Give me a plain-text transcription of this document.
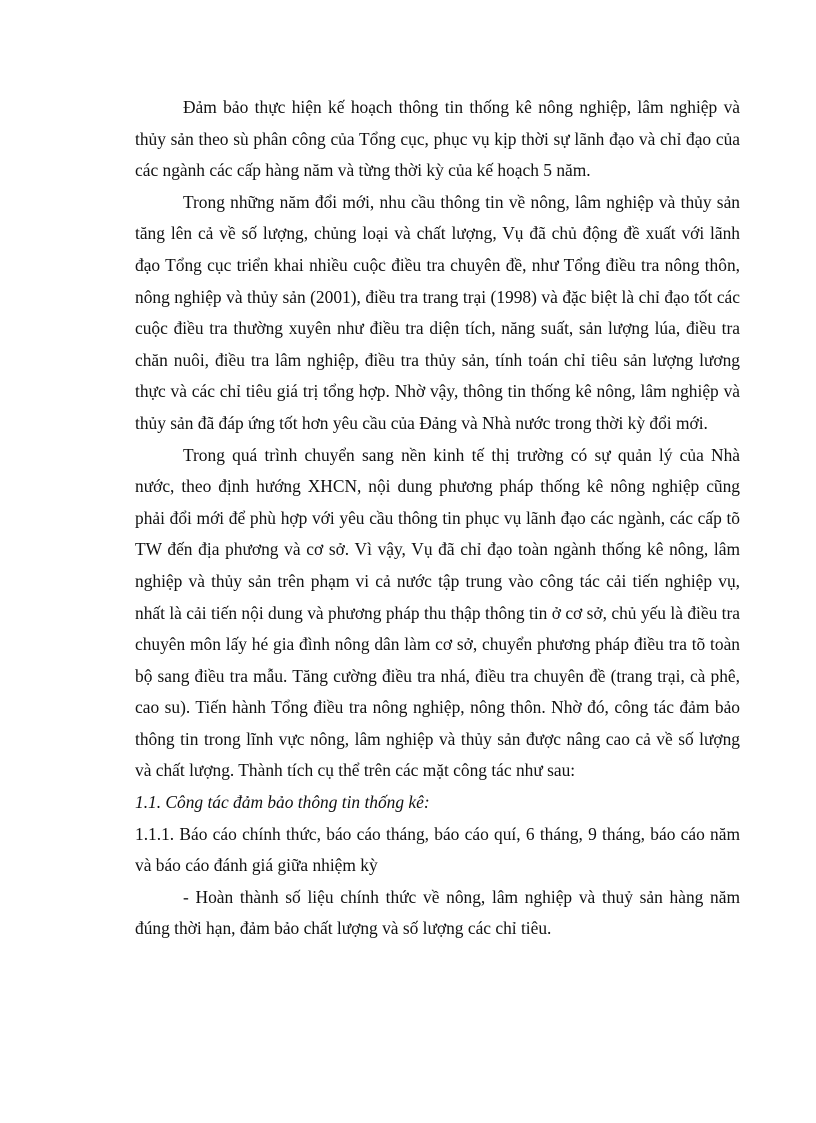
Đảm bảo thực hiện kế hoạch thông tin thống kê nông nghiệp, lâm nghiệp và thủy sản theo sù phân công của Tổng cục, phục vụ kịp thời sự lãnh đạo và chỉ đạo của các ngành các cấp hàng năm và từng thời kỳ của kế hoạch 5 năm.

Trong những năm đổi mới, nhu cầu thông tin về nông, lâm nghiệp và thủy sản tăng lên cả về số lượng, chủng loại và chất lượng, Vụ đã chủ động đề xuất với lãnh đạo Tổng cục triển khai nhiều cuộc điều tra chuyên đề, như Tổng điều tra nông thôn, nông nghiệp và thủy sản (2001), điều tra trang trại (1998) và đặc biệt là chỉ đạo tốt các cuộc điều tra thường xuyên như điều tra diện tích, năng suất, sản lượng lúa, điều tra chăn nuôi, điều tra lâm nghiệp, điều tra thủy sản, tính toán chỉ tiêu sản lượng lương thực và các chỉ tiêu giá trị tổng hợp. Nhờ vậy, thông tin thống kê nông, lâm nghiệp và thủy sản đã đáp ứng tốt hơn yêu cầu của Đảng và Nhà nước trong thời kỳ đổi mới.

Trong quá trình chuyển sang nền kinh tế thị trường có sự quản lý của Nhà nước, theo định hướng XHCN, nội dung phương pháp thống kê nông nghiệp cũng phải đổi mới để phù hợp với yêu cầu thông tin phục vụ lãnh đạo các ngành, các cấp tõ TW đến địa phương và cơ sở. Vì vậy, Vụ đã chỉ đạo toàn ngành thống kê nông, lâm nghiệp và thủy sản trên phạm vi cả nước tập trung vào công tác cải tiến nghiệp vụ, nhất là cải tiến nội dung và phương pháp thu thập thông tin ở cơ sở, chủ yếu là điều tra chuyên môn lấy hé gia đình nông dân làm cơ sở, chuyển phương pháp điều tra tõ toàn bộ sang điều tra mẫu. Tăng cường điều tra nhá, điều tra chuyên đề (trang trại, cà phê, cao su). Tiến hành Tổng điều tra nông nghiệp, nông thôn. Nhờ đó, công tác đảm bảo thông tin trong lĩnh vực nông, lâm nghiệp và thủy sản được nâng cao cả về số lượng và chất lượng. Thành tích cụ thể trên các mặt công tác như sau:

1.1. Công tác đảm bảo thông tin thống kê:

1.1.1. Báo cáo chính thức, báo cáo tháng, báo cáo quí, 6 tháng, 9 tháng, báo cáo năm và báo cáo đánh giá giữa nhiệm kỳ

- Hoàn thành số liệu chính thức về nông, lâm nghiệp và thuỷ sản hàng năm đúng thời hạn, đảm bảo chất lượng và số lượng các chỉ tiêu.
